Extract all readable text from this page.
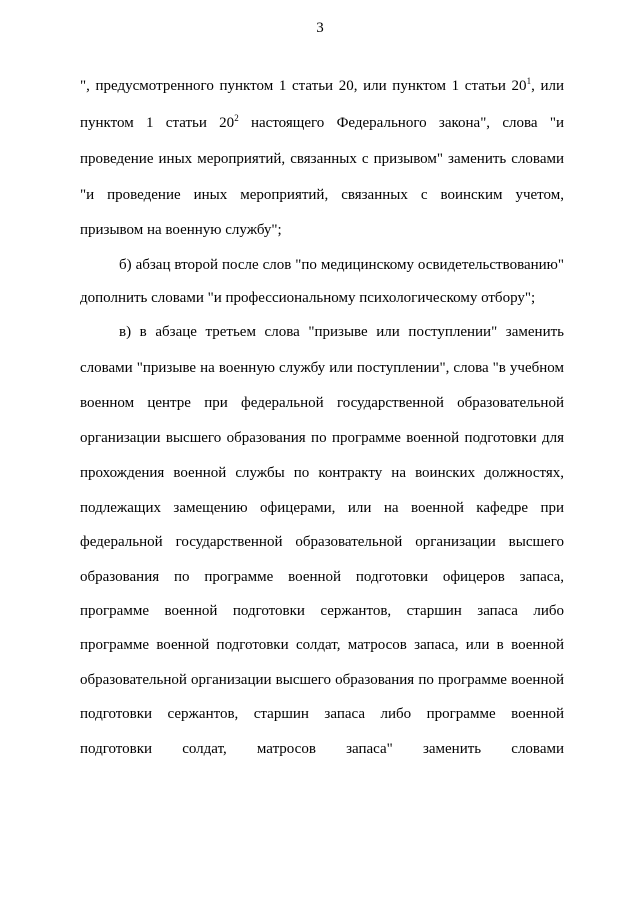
3
", предусмотренного пунктом 1 статьи 20, или пунктом 1 статьи $20^1$, или
пунктом 1 статьи $20^2$ настоящего Федерального закона", слова "и
проведение иных мероприятий, связанных с призывом" заменить словами
"и проведение иных мероприятий, связанных с воинским учетом,
призывом на военную службу";
б) абзац второй после слов "по медицинскому освидетельствованию"
дополнить словами "и профессиональному психологическому отбору";
в) в абзаце третьем слова "призыве или поступлении" заменить
словами "призыве на военную службу или поступлении", слова "в учебном
военном центре при федеральной государственной образовательной
организации высшего образования по программе военной подготовки для
прохождения военной службы по контракту на воинских должностях,
подлежащих замещению офицерами, или на военной кафедре при
федеральной государственной образовательной организации высшего
образования по программе военной подготовки офицеров запаса,
программе военной подготовки сержантов, старшин запаса либо
программе военной подготовки солдат, матросов запаса, или в военной
образовательной организации высшего образования по программе военной
подготовки сержантов, старшин запаса либо программе военной
подготовки солдат, матросов запаса" заменить словами
